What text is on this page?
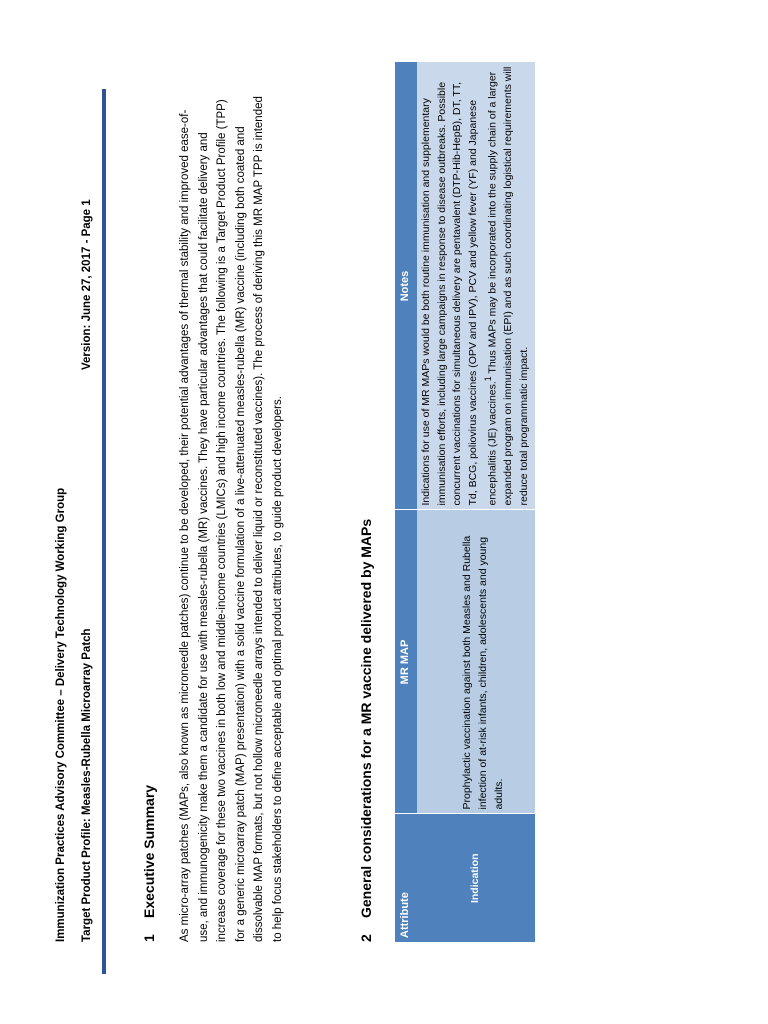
Immunization Practices Advisory Committee – Delivery Technology Working Group Target Product Profile: Measles-Rubella Microarray Patch
Version: June 27, 2017 - Page 1
1Executive Summary As micro-array patches (MAPs, also known as microneedle patches) continue to be developed, their potential advantages of thermal stability and improved ease-of-use, and immunogenicity make them a candidate for use with measles-rubella (MR) vaccines. They have particular advantages that could facilitate delivery and increase coverage for these two vaccines in both low and middle-income countries (LMICs) and high income countries. The following is a Target Product Profile (TPP) for a generic microarray patch (MAP) presentation) with a solid vaccine formulation of a live-attenuated measles-rubella (MR) vaccine (including both coated and dissolvable MAP formats, but not hollow microneedle arrays intended to deliver liquid or reconstituted vaccines). The process of deriving this MR MAP TPP is intended to help focus stakeholders to define acceptable and optimal product attributes, to guide product developers.	2General considerations for a MR vaccine delivered by MAPs Attribute	MR MAP	Notes
Indication	Prophylactic vaccination against both Measles and Rubella infection of at-risk infants, children, adolescents and young adults.	Indications for use of MR MAPs would be both routine immunisation and supplementary immunisation efforts, including large campaigns in response to disease outbreaks. Possible concurrent vaccinations for simultaneous delivery are pentavalent (DTP-Hib-HepB), DT, TT, Td, BCG, poliovirus vaccines (OPV and IPV), PCV and yellow fever (YF) and Japanese encephalitis (JE) vaccines.$^1$ Thus MAPs may be incorporated into the supply chain of a larger expanded program on immunisation (EPI) and as such coordinating logistical requirements will reduce total programmatic impact.
